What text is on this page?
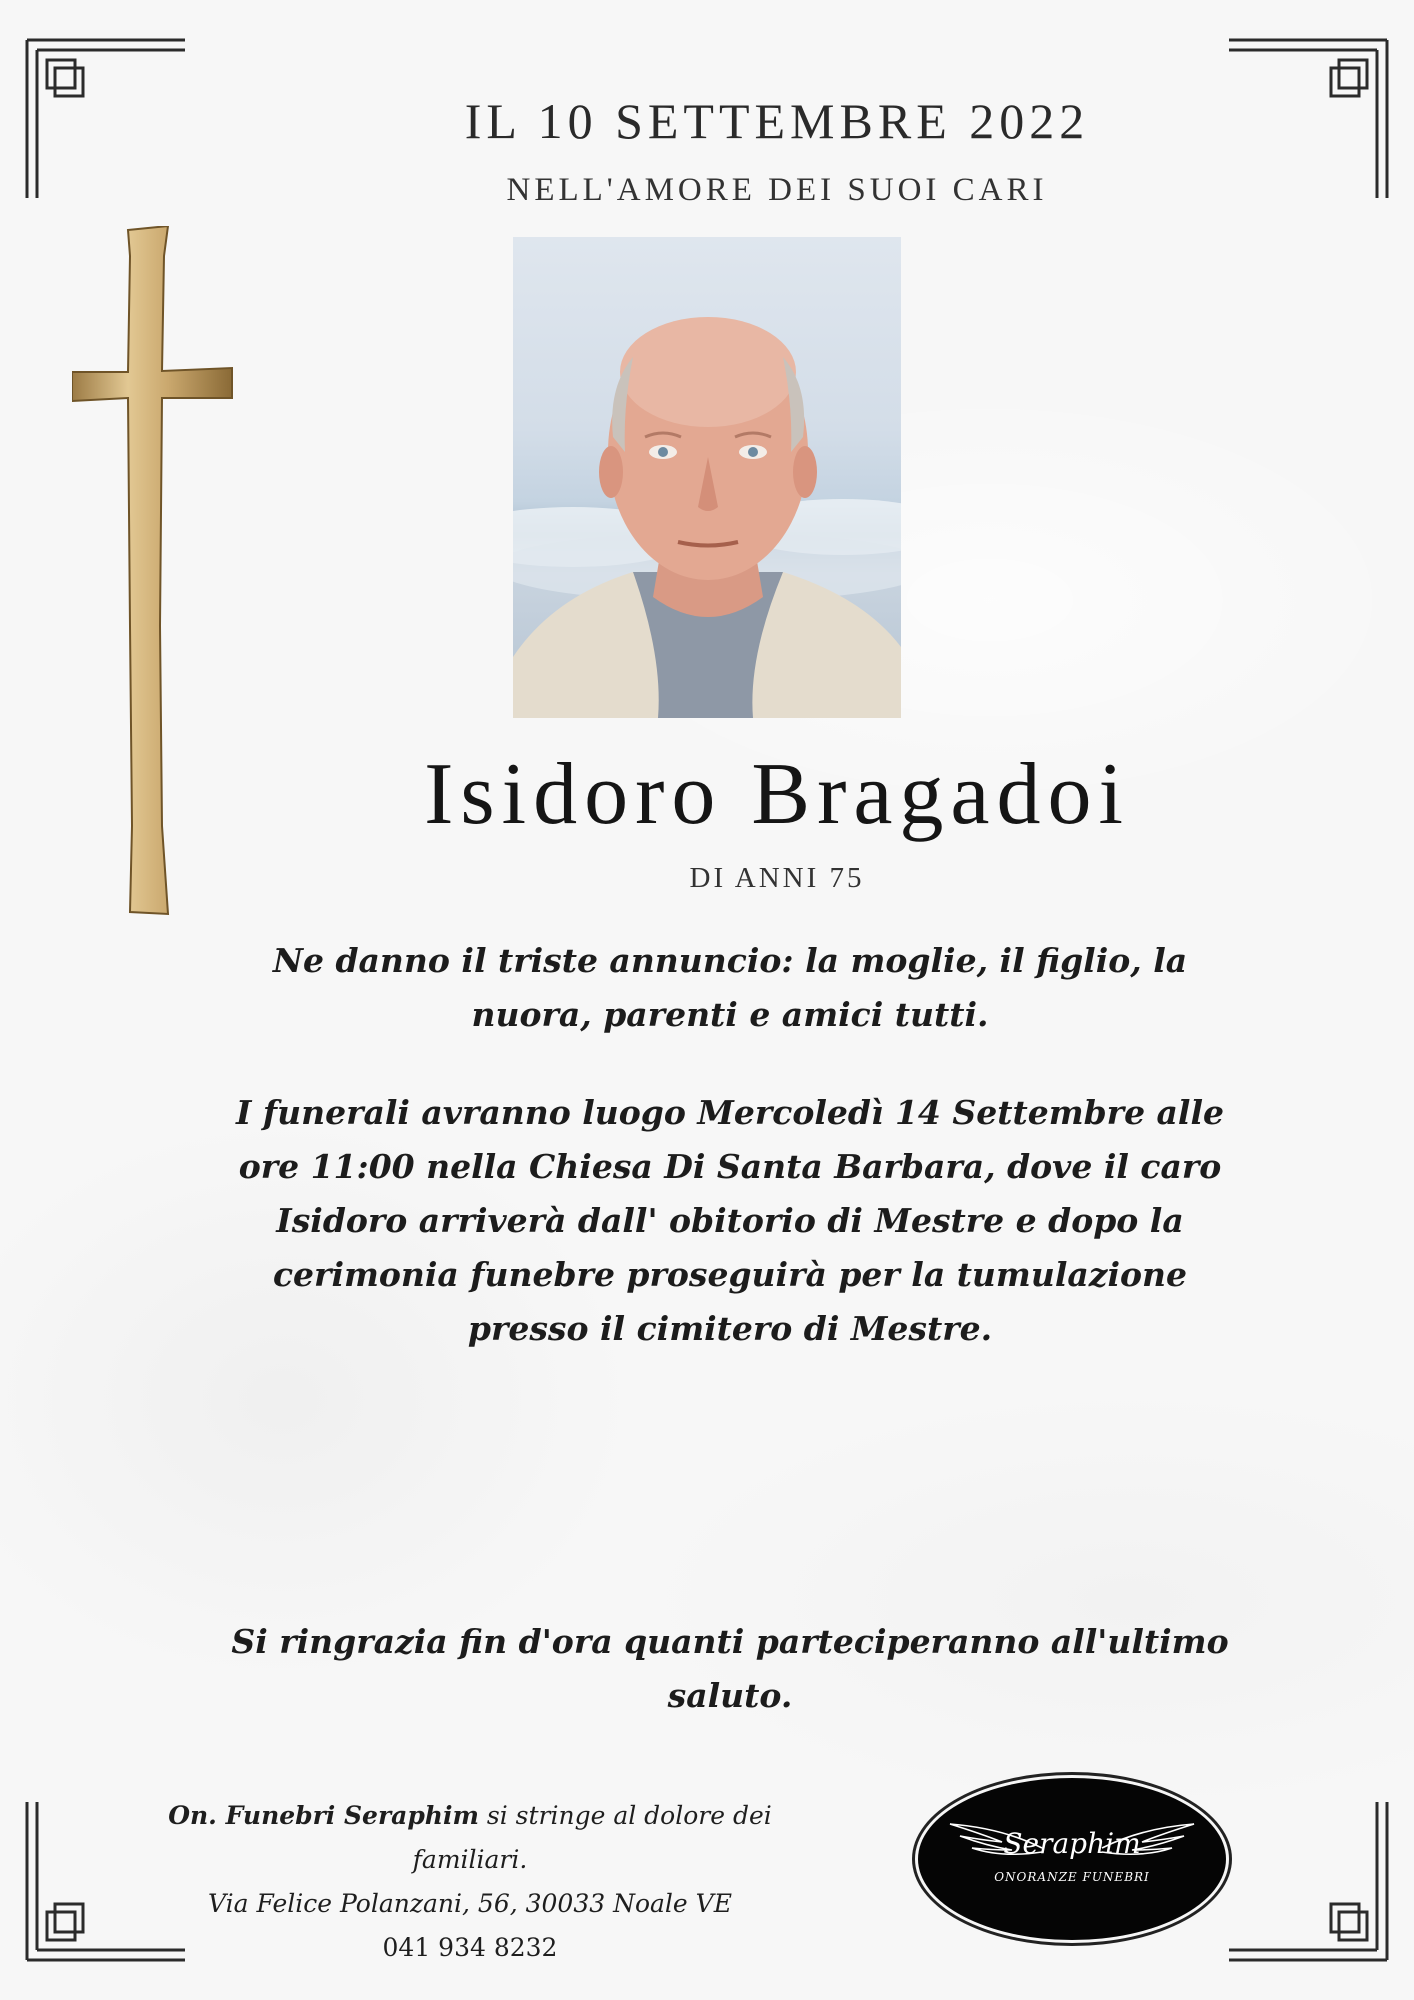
IL 10 SETTEMBRE 2022
NELL'AMORE DEI SUOI CARI
Isidoro Bragadoi
DI ANNI 75
Ne danno il triste annuncio: la moglie, il figlio, la nuora, parenti e amici tutti.
I funerali avranno luogo Mercoledì 14 Settembre alle ore 11:00 nella Chiesa Di Santa Barbara, dove il caro Isidoro arriverà dall' obitorio di Mestre e dopo la cerimonia funebre proseguirà per la tumulazione presso il cimitero di Mestre.
Si ringrazia fin d'ora quanti parteciperanno all'ultimo saluto.
On. Funebri Seraphim si stringe al dolore dei familiari.
Via Felice Polanzani, 56, 30033 Noale VE
041 934 8232
Seraphim
ONORANZE FUNEBRI
